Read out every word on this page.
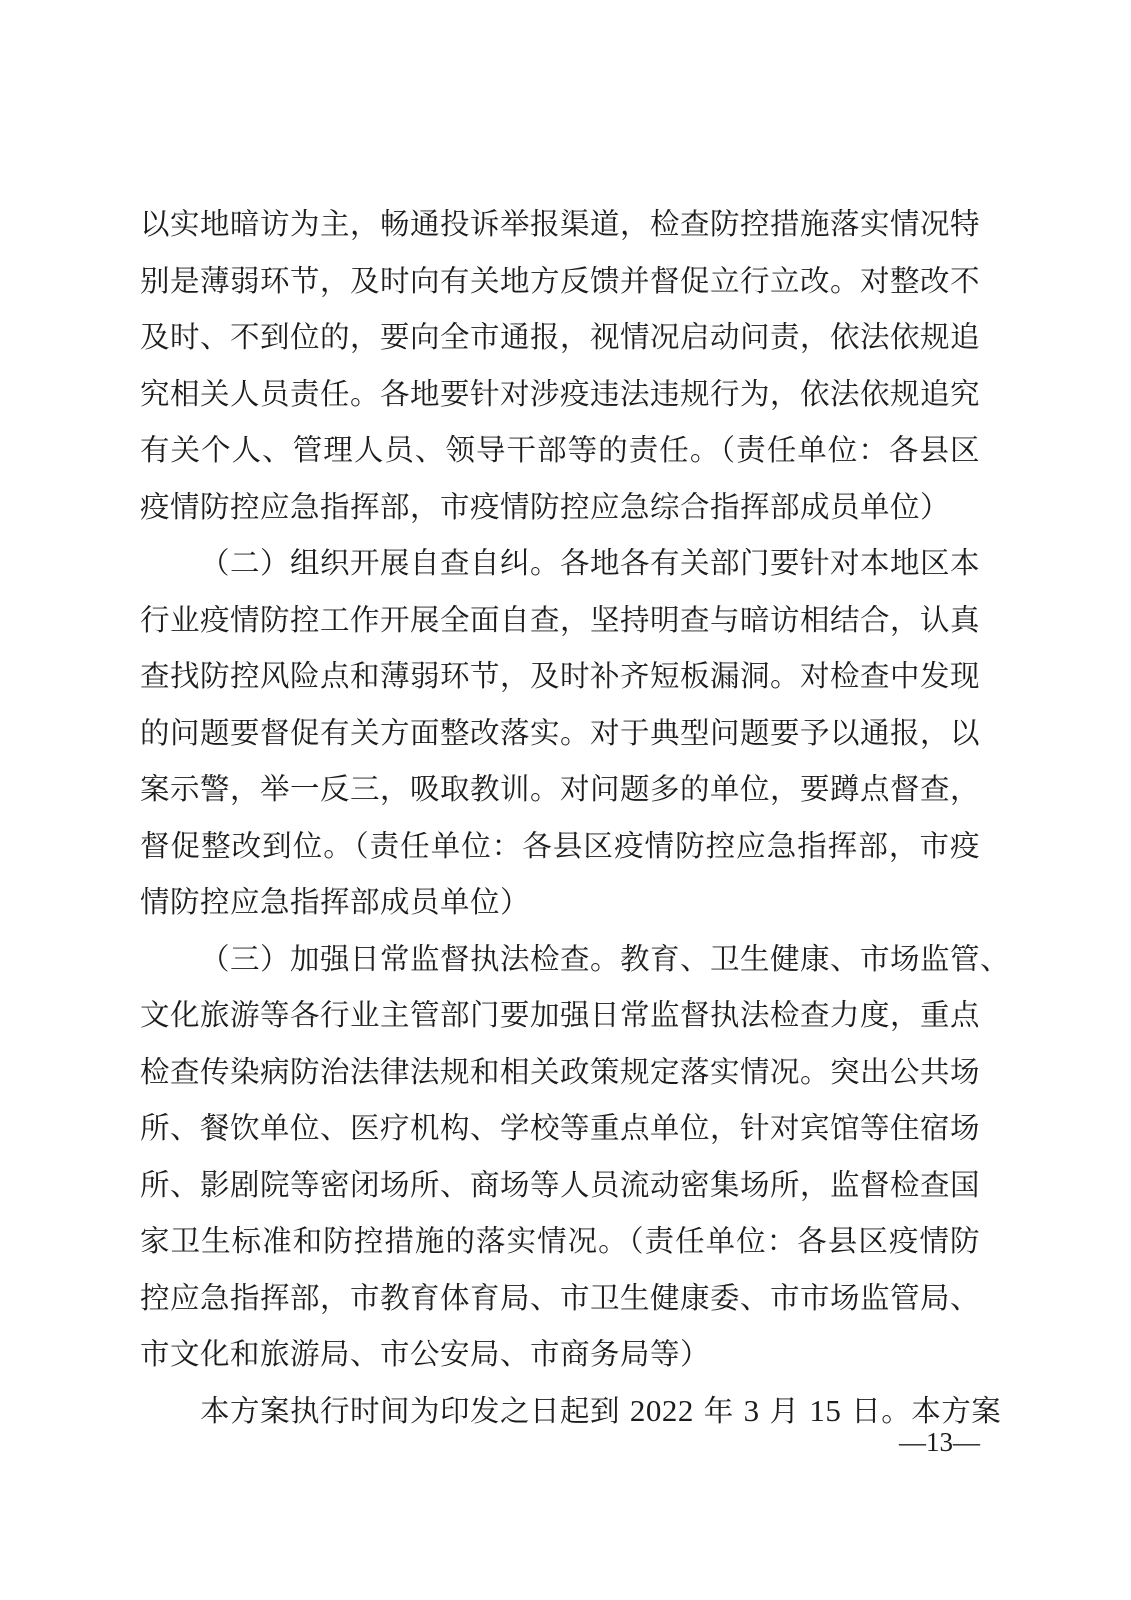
以实地暗访为主，畅通投诉举报渠道，检查防控措施落实情况特
别是薄弱环节，及时向有关地方反馈并督促立行立改。对整改不
及时、不到位的，要向全市通报，视情况启动问责，依法依规追
究相关人员责任。各地要针对涉疫违法违规行为，依法依规追究
有关个人、管理人员、领导干部等的责任。（责任单位：各县区
疫情防控应急指挥部，市疫情防控应急综合指挥部成员单位）
（二）组织开展自查自纠。各地各有关部门要针对本地区本
行业疫情防控工作开展全面自查，坚持明查与暗访相结合，认真
查找防控风险点和薄弱环节，及时补齐短板漏洞。对检查中发现
的问题要督促有关方面整改落实。对于典型问题要予以通报，以
案示警，举一反三，吸取教训。对问题多的单位，要蹲点督查，
督促整改到位。（责任单位：各县区疫情防控应急指挥部，市疫
情防控应急指挥部成员单位）
（三）加强日常监督执法检查。教育、卫生健康、市场监管、
文化旅游等各行业主管部门要加强日常监督执法检查力度，重点
检查传染病防治法律法规和相关政策规定落实情况。突出公共场
所、餐饮单位、医疗机构、学校等重点单位，针对宾馆等住宿场
所、影剧院等密闭场所、商场等人员流动密集场所，监督检查国
家卫生标准和防控措施的落实情况。（责任单位：各县区疫情防
控应急指挥部，市教育体育局、市卫生健康委、市市场监管局、
市文化和旅游局、市公安局、市商务局等）
本方案执行时间为印发之日起到 2022 年 3 月 15 日。本方案
—13—
